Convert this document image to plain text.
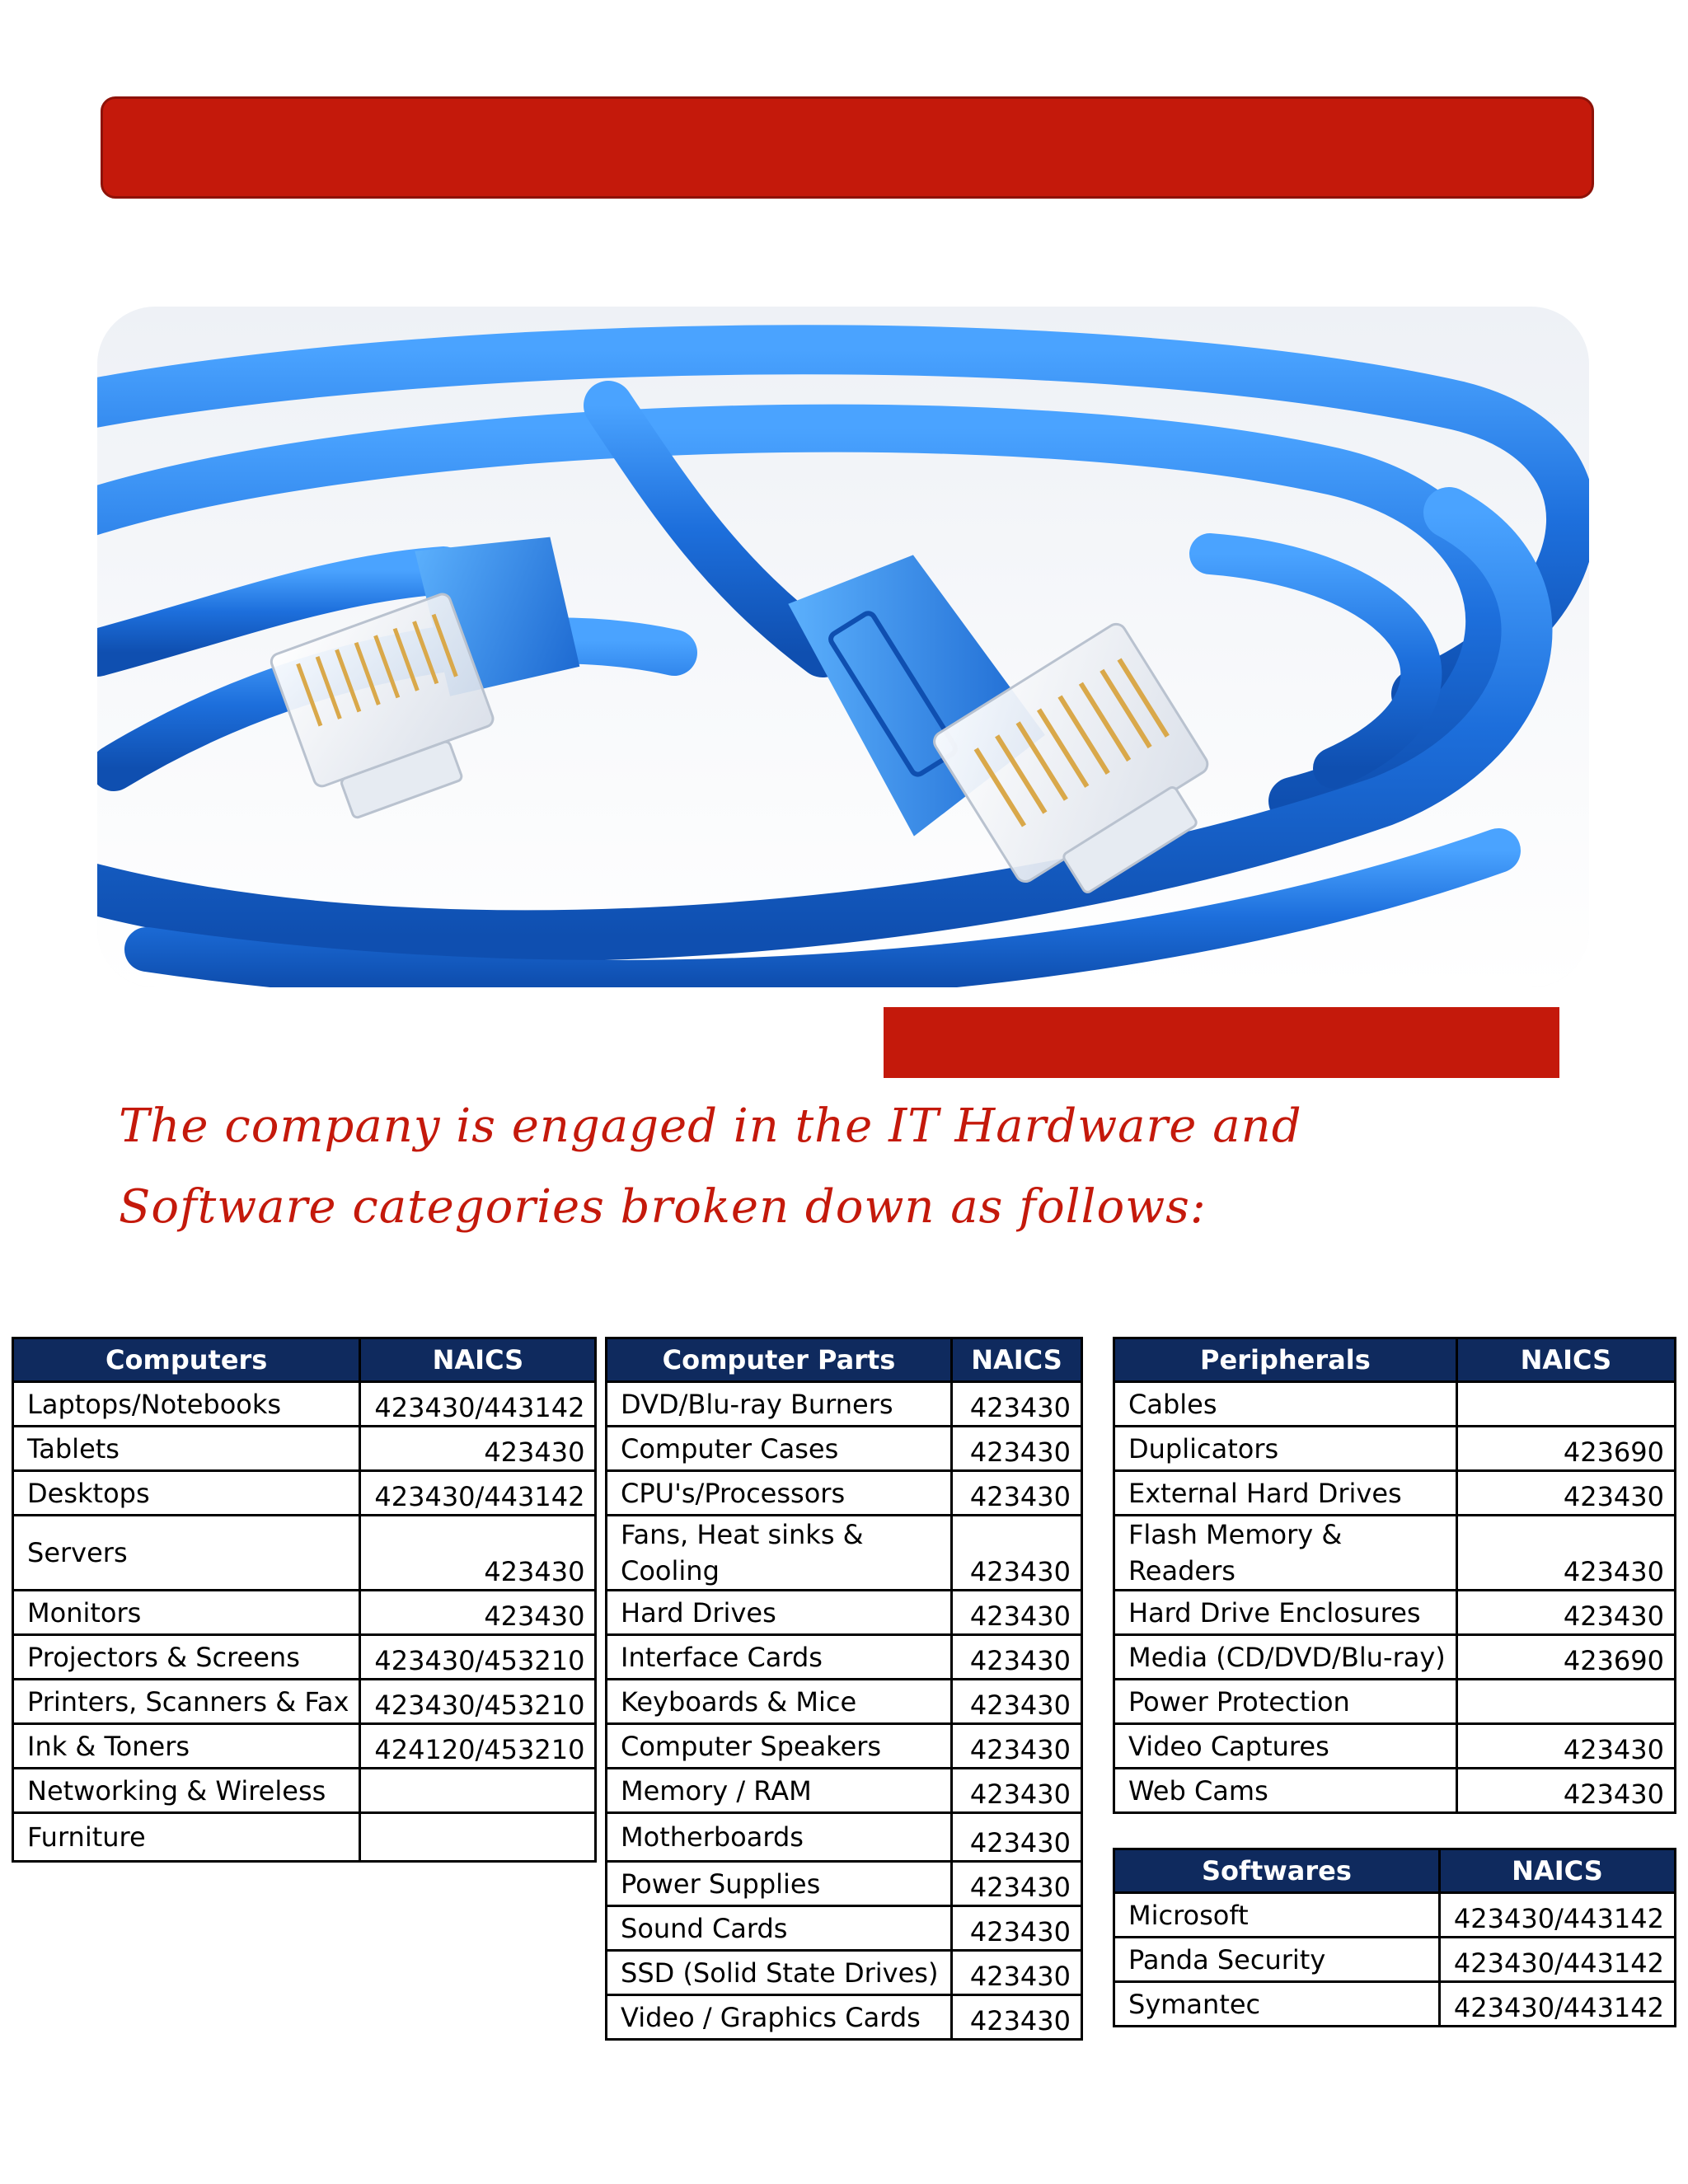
The company is engaged in the IT Hardware and
Software categories broken down as follows:

Computers	NAICS
Laptops/Notebooks	423430/443142
Tablets	423430
Desktops	423430/443142
Servers	423430
Monitors	423430
Projectors & Screens	423430/453210
Printers, Scanners & Fax	423430/453210
Ink & Toners	424120/453210
Networking & Wireless	
Furniture	
Computer Parts	NAICS
DVD/Blu-ray Burners	423430
Computer Cases	423430
CPU's/Processors	423430
Fans, Heat sinks & Cooling	423430
Hard Drives	423430
Interface Cards	423430
Keyboards & Mice	423430
Computer Speakers	423430
Memory / RAM	423430
Motherboards	423430
Power Supplies	423430
Sound Cards	423430
SSD (Solid State Drives)	423430
Video / Graphics Cards	423430
Peripherals	NAICS
Cables	
Duplicators	423690
External Hard Drives	423430
Flash Memory & Readers	423430
Hard Drive Enclosures	423430
Media (CD/DVD/Blu-ray)	423690
Power Protection	
Video Captures	423430
Web Cams	423430
Softwares	NAICS
Microsoft	423430/443142
Panda Security	423430/443142
Symantec	423430/443142
